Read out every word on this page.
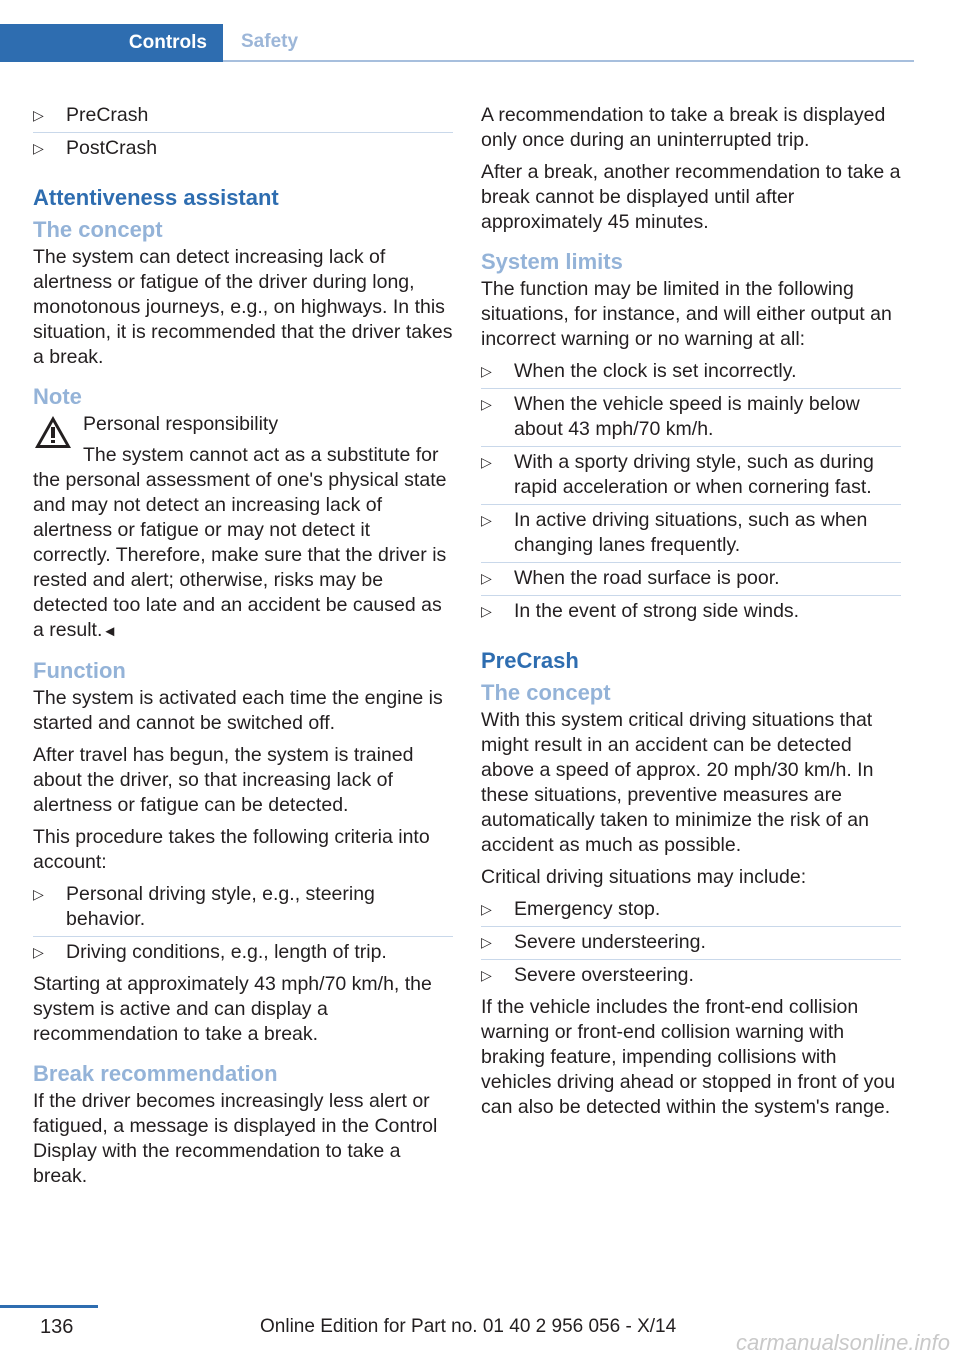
Controls	Safety
▷ PreCrash
▷ PostCrash
Attentiveness assistant
The concept

The system can detect increasing lack of alertness or fatigue of the driver during long, monotonous journeys, e.g., on highways. In this situation, it is recommended that the driver takes a break.

Note

Personal responsibility

The system cannot act as a substitute for the personal assessment of one's physical state and may not detect an increasing lack of alertness or fatigue or may not detect it correctly. Therefore, make sure that the driver is rested and alert; otherwise, risks may be detected too late and an accident be caused as a result.◄

Function

The system is activated each time the engine is started and cannot be switched off.

After travel has begun, the system is trained about the driver, so that increasing lack of alertness or fatigue can be detected.

This procedure takes the following criteria into account:

▷ Personal driving style, e.g., steering behavior.
▷ Driving conditions, e.g., length of trip.

Starting at approximately 43 mph/70 km/h, the system is active and can display a recommendation to take a break.

Break recommendation

If the driver becomes increasingly less alert or fatigued, a message is displayed in the Control Display with the recommendation to take a break.

A recommendation to take a break is displayed only once during an uninterrupted trip.

After a break, another recommendation to take a break cannot be displayed until after approximately 45 minutes.

System limits

The function may be limited in the following situations, for instance, and will either output an incorrect warning or no warning at all:

▷ When the clock is set incorrectly.
▷ When the vehicle speed is mainly below about 43 mph/70 km/h.
▷ With a sporty driving style, such as during rapid acceleration or when cornering fast.
▷ In active driving situations, such as when changing lanes frequently.
▷ When the road surface is poor.
▷ In the event of strong side winds.
PreCrash
The concept

With this system critical driving situations that might result in an accident can be detected above a speed of approx. 20 mph/30 km/h. In these situations, preventive measures are automatically taken to minimize the risk of an accident as much as possible.

Critical driving situations may include:

▷ Emergency stop.
▷ Severe understeering.
▷ Severe oversteering.

If the vehicle includes the front-end collision warning or front-end collision warning with braking feature, impending collisions with vehicles driving ahead or stopped in front of you can also be detected within the system's range.

136	Online Edition for Part no. 01 40 2 956 056 - X/14
carmanualsonline.info
